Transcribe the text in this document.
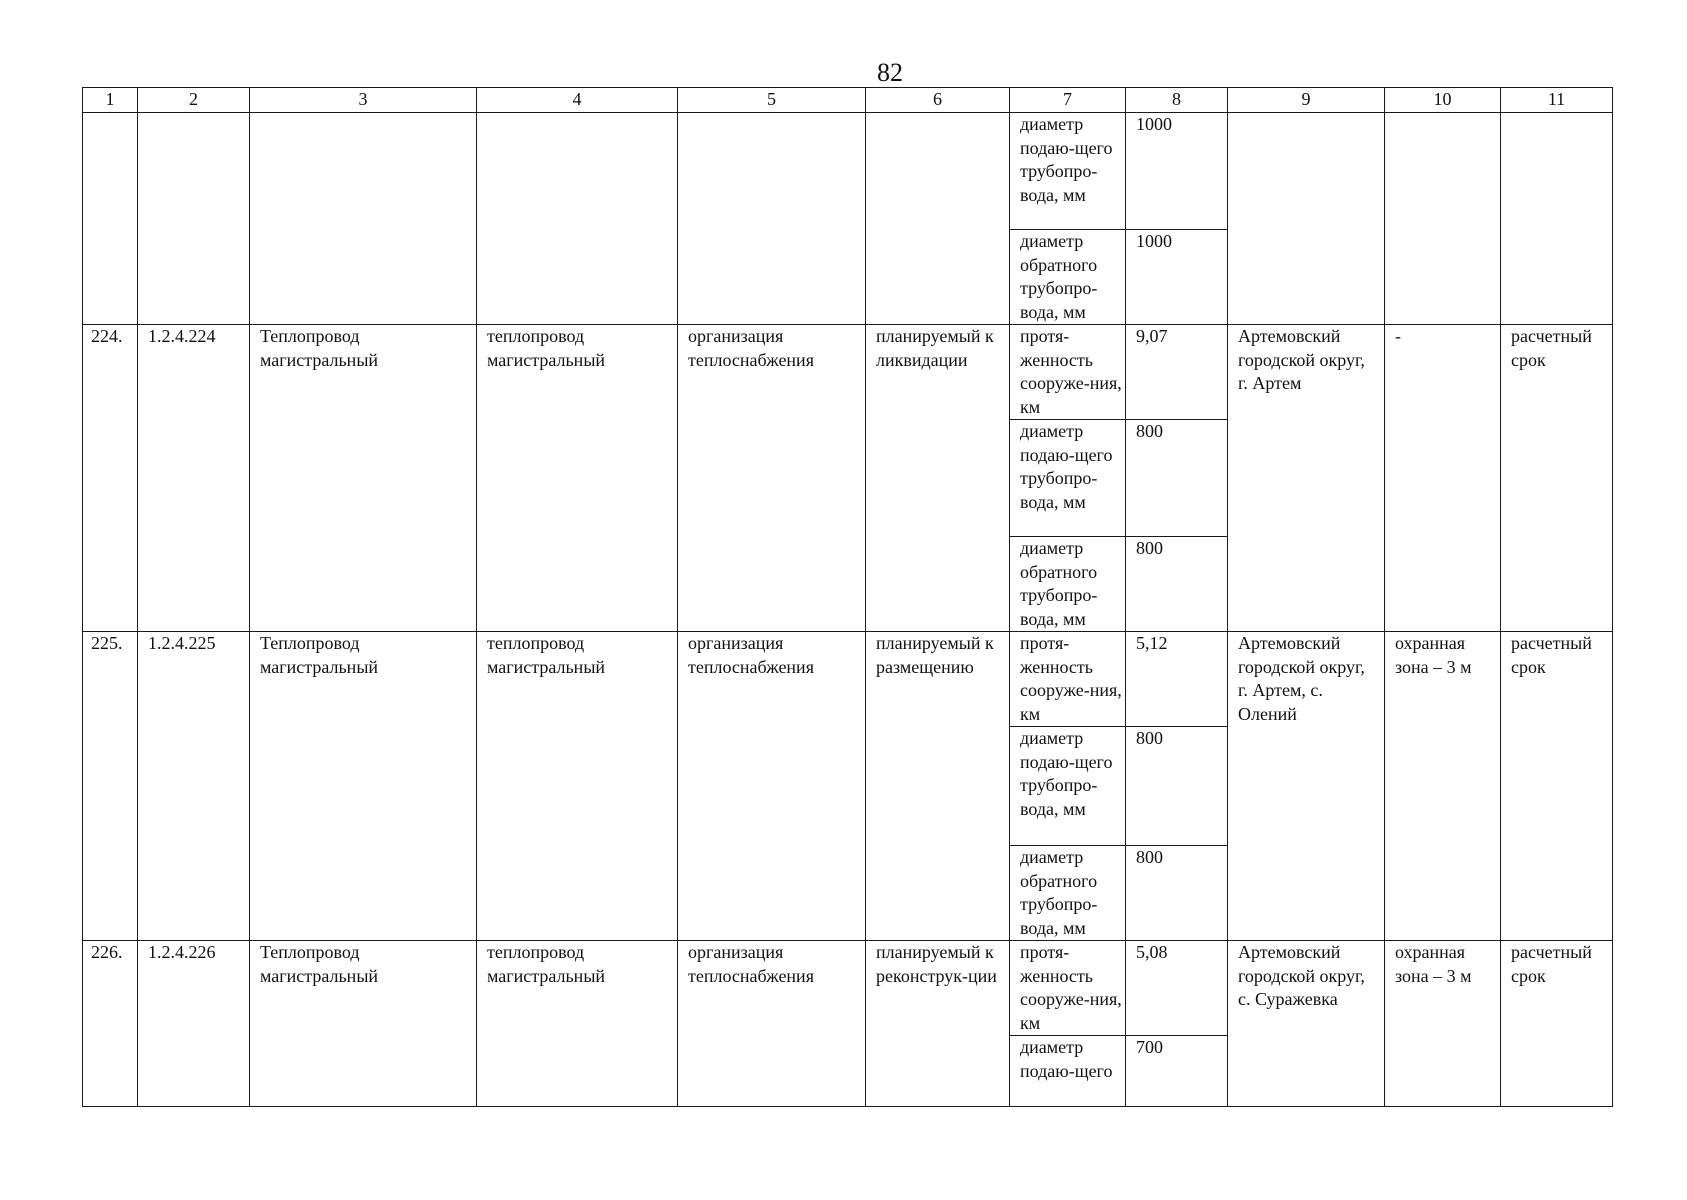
82
1	2	3	4	5	6	7	8	9	10	11
						диаметр подаю-щего трубопро-вода, мм	1000			
						диаметр обратного трубопро-вода, мм	1000			
224.	1.2.4.224	Теплопровод магистральный	теплопровод магистральный	организация теплоснабжения	планируемый к ликвидации	протя-женность сооруже-ния, км	9,07	Артемовский городской округ, г. Артем	-	расчетный срок
						диаметр подаю-щего трубопро-вода, мм	800			
						диаметр обратного трубопро-вода, мм	800			
225.	1.2.4.225	Теплопровод магистральный	теплопровод магистральный	организация теплоснабжения	планируемый к размещению	протя-женность сооруже-ния, км	5,12	Артемовский городской округ, г. Артем, с. Олений	охранная зона – 3 м	расчетный срок
						диаметр подаю-щего трубопро-вода, мм	800			
						диаметр обратного трубопро-вода, мм	800			
226.	1.2.4.226	Теплопровод магистральный	теплопровод магистральный	организация теплоснабжения	планируемый к реконструк-ции	протя-женность сооруже-ния, км	5,08	Артемовский городской округ, с. Суражевка	охранная зона – 3 м	расчетный срок
						диаметр подаю-щего	700			
